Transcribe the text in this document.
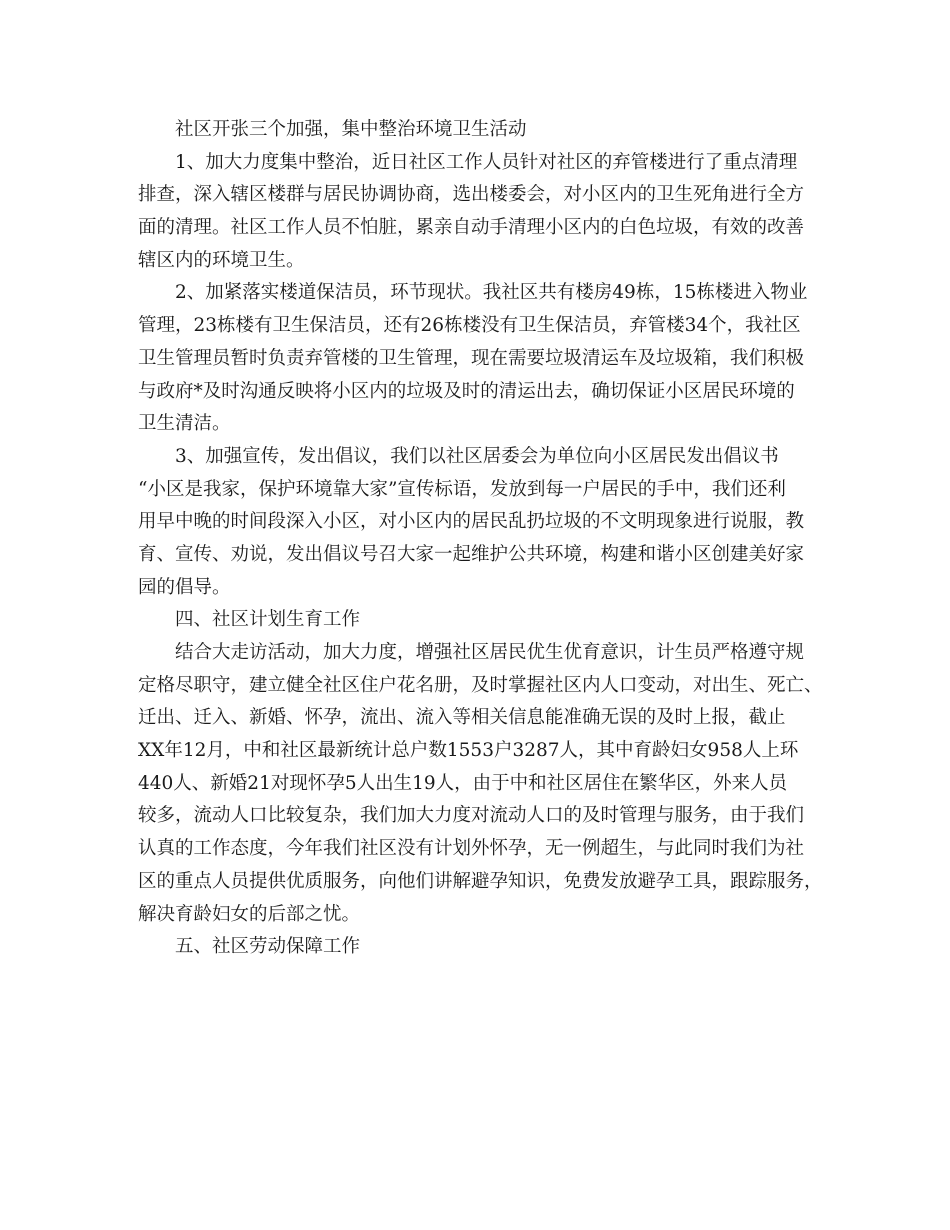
社区开张三个加强，集中整治环境卫生活动
1、加大力度集中整治，近日社区工作人员针对社区的弃管楼进行了重点清理
排查，深入辖区楼群与居民协调协商，选出楼委会，对小区内的卫生死角进行全方
面的清理。社区工作人员不怕脏，累亲自动手清理小区内的白色垃圾，有效的改善
辖区内的环境卫生。
2、加紧落实楼道保洁员，环节现状。我社区共有楼房49栋，15栋楼进入物业
管理，23栋楼有卫生保洁员，还有26栋楼没有卫生保洁员，弃管楼34个，我社区
卫生管理员暂时负责弃管楼的卫生管理，现在需要垃圾清运车及垃圾箱，我们积极
与政府*及时沟通反映将小区内的垃圾及时的清运出去，确切保证小区居民环境的
卫生清洁。
3、加强宣传，发出倡议，我们以社区居委会为单位向小区居民发出倡议书
“小区是我家，保护环境靠大家”宣传标语，发放到每一户居民的手中，我们还利
用早中晚的时间段深入小区，对小区内的居民乱扔垃圾的不文明现象进行说服，教
育、宣传、劝说，发出倡议号召大家一起维护公共环境，构建和谐小区创建美好家
园的倡导。
四、社区计划生育工作
结合大走访活动，加大力度，增强社区居民优生优育意识，计生员严格遵守规
定格尽职守，建立健全社区住户花名册，及时掌握社区内人口变动，对出生、死亡、
迁出、迁入、新婚、怀孕，流出、流入等相关信息能准确无误的及时上报，截止
XX年12月，中和社区最新统计总户数1553户3287人，其中育龄妇女958人上环
440人、新婚21对现怀孕5人出生19人，由于中和社区居住在繁华区，外来人员
较多，流动人口比较复杂，我们加大力度对流动人口的及时管理与服务，由于我们
认真的工作态度，今年我们社区没有计划外怀孕，无一例超生，与此同时我们为社
区的重点人员提供优质服务，向他们讲解避孕知识，免费发放避孕工具，跟踪服务，
解决育龄妇女的后部之忧。
五、社区劳动保障工作
